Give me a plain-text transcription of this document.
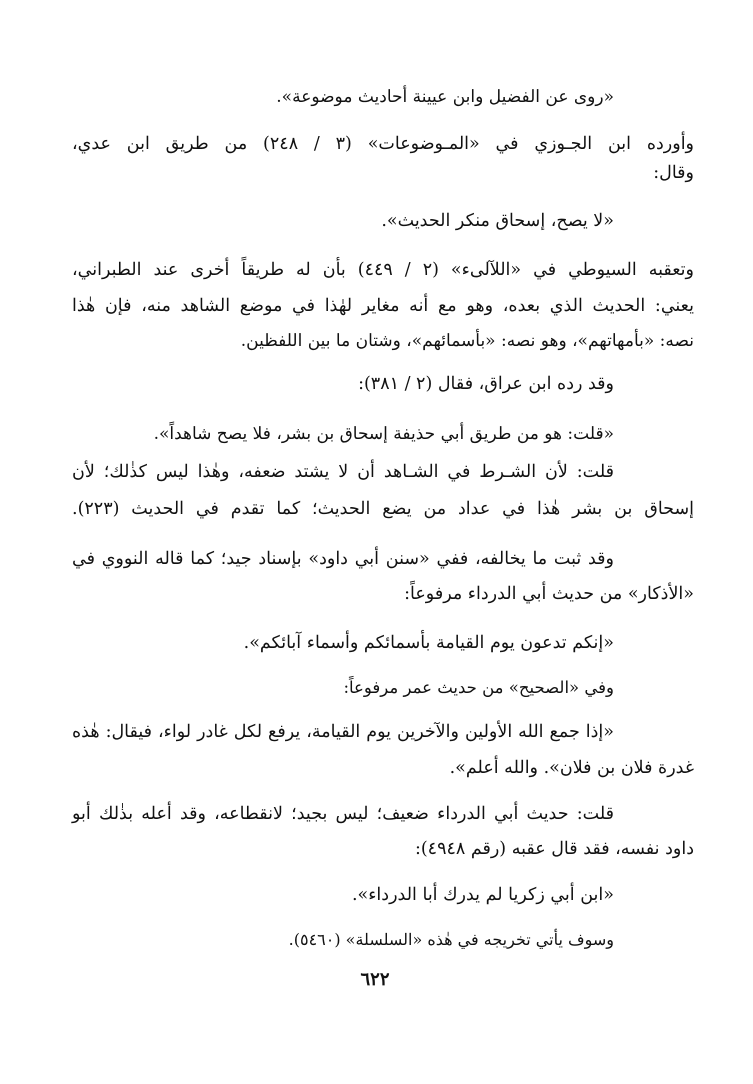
«روى عن الفضيل وابن عيينة أحاديث موضوعة».
وأورده ابن الجـوزي في «المـوضوعات» (٣ / ٢٤٨) من طريق ابن عدي،
وقال:
«لا يصح، إسحاق منكر الحديث».
وتعقبه السيوطي في «اللآلىء» (٢ / ٤٤٩) بأن له طريقاً أخرى عند الطبراني،
يعني: الحديث الذي بعده، وهو مع أنه مغاير لهٰذا في موضع الشاهد منه، فإن هٰذا
نصه: «بأمهاتهم»، وهو نصه: «بأسمائهم»، وشتان ما بين اللفظين.
وقد رده ابن عراق، فقال (٢ / ٣٨١):
«قلت: هو من طريق أبي حذيفة إسحاق بن بشر، فلا يصح شاهداً».
قلت: لأن الشـرط في الشـاهد أن لا يشتد ضعفه، وهٰذا ليس كذٰلك؛ لأن
إسحاق بن بشر هٰذا في عداد من يضع الحديث؛ كما تقدم في الحديث (٢٢٣).
وقد ثبت ما يخالفه، ففي «سنن أبي داود» بإسناد جيد؛ كما قاله النووي في
«الأذكار» من حديث أبي الدرداء مرفوعاً:
«إنكم تدعون يوم القيامة بأسمائكم وأسماء آبائكم».
وفي «الصحيح» من حديث عمر مرفوعاً:
«إذا جمع الله الأولين والآخرين يوم القيامة، يرفع لكل غادر لواء، فيقال: هٰذه
غدرة فلان بن فلان». والله أعلم».
قلت: حديث أبي الدرداء ضعيف؛ ليس بجيد؛ لانقطاعه، وقد أعله بذٰلك أبو
داود نفسه، فقد قال عقبه (رقم ٤٩٤٨):
«ابن أبي زكريا لم يدرك أبا الدرداء».
وسوف يأتي تخريجه في هٰذه «السلسلة» (٥٤٦٠).
٦٢٢
